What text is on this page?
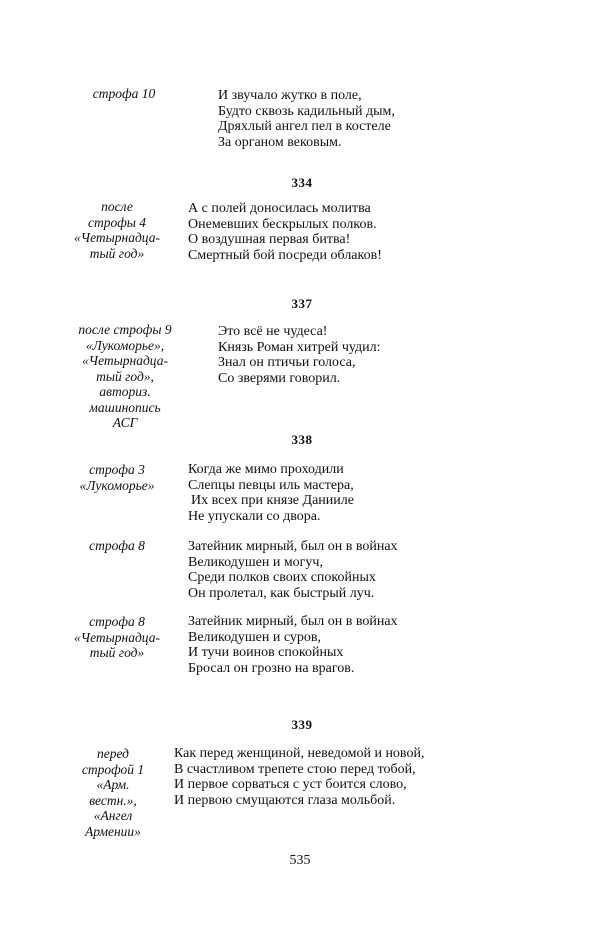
строфа 10	И звучало жутко в поле,
Будто сквозь кадильный дым,
Дряхлый ангел пел в костеле
За органом вековым.
334
после
строфы 4
«Четырнадца-
тый год»
А с полей доносилась молитва
Онемевших бескрылых полков.
О воздушная первая битва!
Смертный бой посреди облаков!
337
после строфы 9
«Лукоморье»,
«Четырнадца-
тый год»,
авториз.
машинопись
АСГ
Это всё не чудеса!
Князь Роман хитрей чудил:
Знал он птичьи голоса,
Со зверями говорил.
338
строфа 3
«Лукоморье»
Когда же мимо проходили
Слепцы певцы иль мастера,
Их всех при князе Данииле
Не упускали со двора.
строфа 8	Затейник мирный, был он в войнах
Великодушен и могуч,
Среди полков своих спокойных
Он пролетал, как быстрый луч.
строфа 8
«Четырнадца-
тый год»
Затейник мирный, был он в войнах
Великодушен и суров,
И тучи воинов спокойных
Бросал он грозно на врагов.
339
перед
строфой 1
«Арм.
вестн.»,
«Ангел
Армении»
Как перед женщиной, неведомой и новой,
В счастливом трепете стою перед тобой,
И первое сорваться с уст боится слово,
И первою смущаются глаза мольбой.
535
